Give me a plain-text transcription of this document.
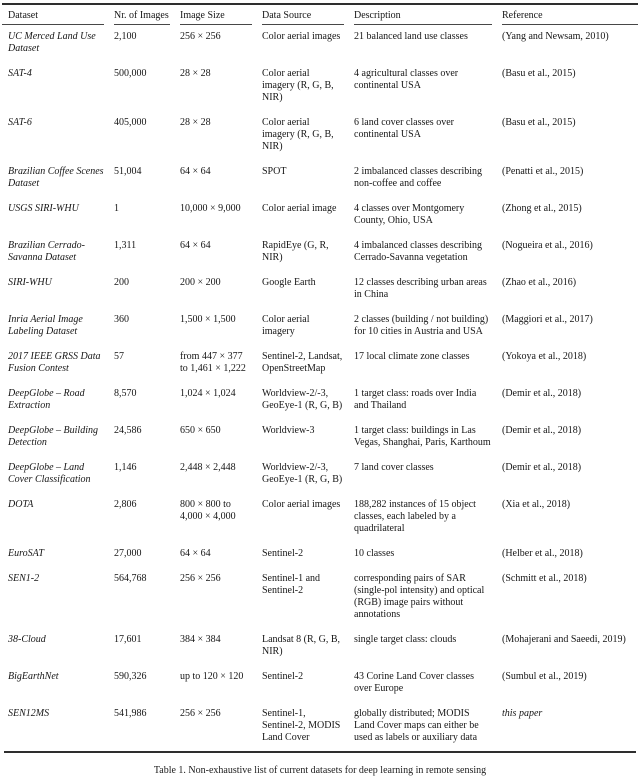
Dataset	Nr. of Images	Image Size	Data Source	Description	Reference
UC Merced Land Use Dataset	2,100	256 × 256	Color aerial images	21 balanced land use classes	(Yang and Newsam, 2010)
SAT-4	500,000	28 × 28	Color aerial imagery (R, G, B, NIR)	4 agricultural classes over continental USA	(Basu et al., 2015)
SAT-6	405,000	28 × 28	Color aerial imagery (R, G, B, NIR)	6 land cover classes over continental USA	(Basu et al., 2015)
Brazilian Coffee Scenes Dataset	51,004	64 × 64	SPOT	2 imbalanced classes describing non-coffee and coffee	(Penatti et al., 2015)
USGS SIRI-WHU	1	10,000 × 9,000	Color aerial image	4 classes over Montgomery County, Ohio, USA	(Zhong et al., 2015)
Brazilian Cerrado-Savanna Dataset	1,311	64 × 64	RapidEye (G, R, NIR)	4 imbalanced classes describing Cerrado-Savanna vegetation	(Nogueira et al., 2016)
SIRI-WHU	200	200 × 200	Google Earth	12 classes describing urban areas in China	(Zhao et al., 2016)
Inria Aerial Image Labeling Dataset	360	1,500 × 1,500	Color aerial imagery	2 classes (building / not building) for 10 cities in Austria and USA	(Maggiori et al., 2017)
2017 IEEE GRSS Data Fusion Contest	57	from 447 × 377 to 1,461 × 1,222	Sentinel-2, Landsat, OpenStreetMap	17 local climate zone classes	(Yokoya et al., 2018)
DeepGlobe – Road Extraction	8,570	1,024 × 1,024	Worldview-2/-3, GeoEye-1 (R, G, B)	1 target class: roads over India and Thailand	(Demir et al., 2018)
DeepGlobe – Building Detection	24,586	650 × 650	Worldview-3	1 target class: buildings in Las Vegas, Shanghai, Paris, Karthoum	(Demir et al., 2018)
DeepGlobe – Land Cover Classification	1,146	2,448 × 2,448	Worldview-2/-3, GeoEye-1 (R, G, B)	7 land cover classes	(Demir et al., 2018)
DOTA	2,806	800 × 800 to 4,000 × 4,000	Color aerial images	188,282 instances of 15 object classes, each labeled by a quadrilateral	(Xia et al., 2018)
EuroSAT	27,000	64 × 64	Sentinel-2	10 classes	(Helber et al., 2018)
SEN1-2	564,768	256 × 256	Sentinel-1 and Sentinel-2	corresponding pairs of SAR (single-pol intensity) and optical (RGB) image pairs without annotations	(Schmitt et al., 2018)
38-Cloud	17,601	384 × 384	Landsat 8 (R, G, B, NIR)	single target class: clouds	(Mohajerani and Saeedi, 2019)
BigEarthNet	590,326	up to 120 × 120	Sentinel-2	43 Corine Land Cover classes over Europe	(Sumbul et al., 2019)
SEN12MS	541,986	256 × 256	Sentinel-1, Sentinel-2, MODIS Land Cover	globally distributed; MODIS Land Cover maps can either be used as labels or auxiliary data	this paper
Table 1. Non-exhaustive list of current datasets for deep learning in remote sensing
